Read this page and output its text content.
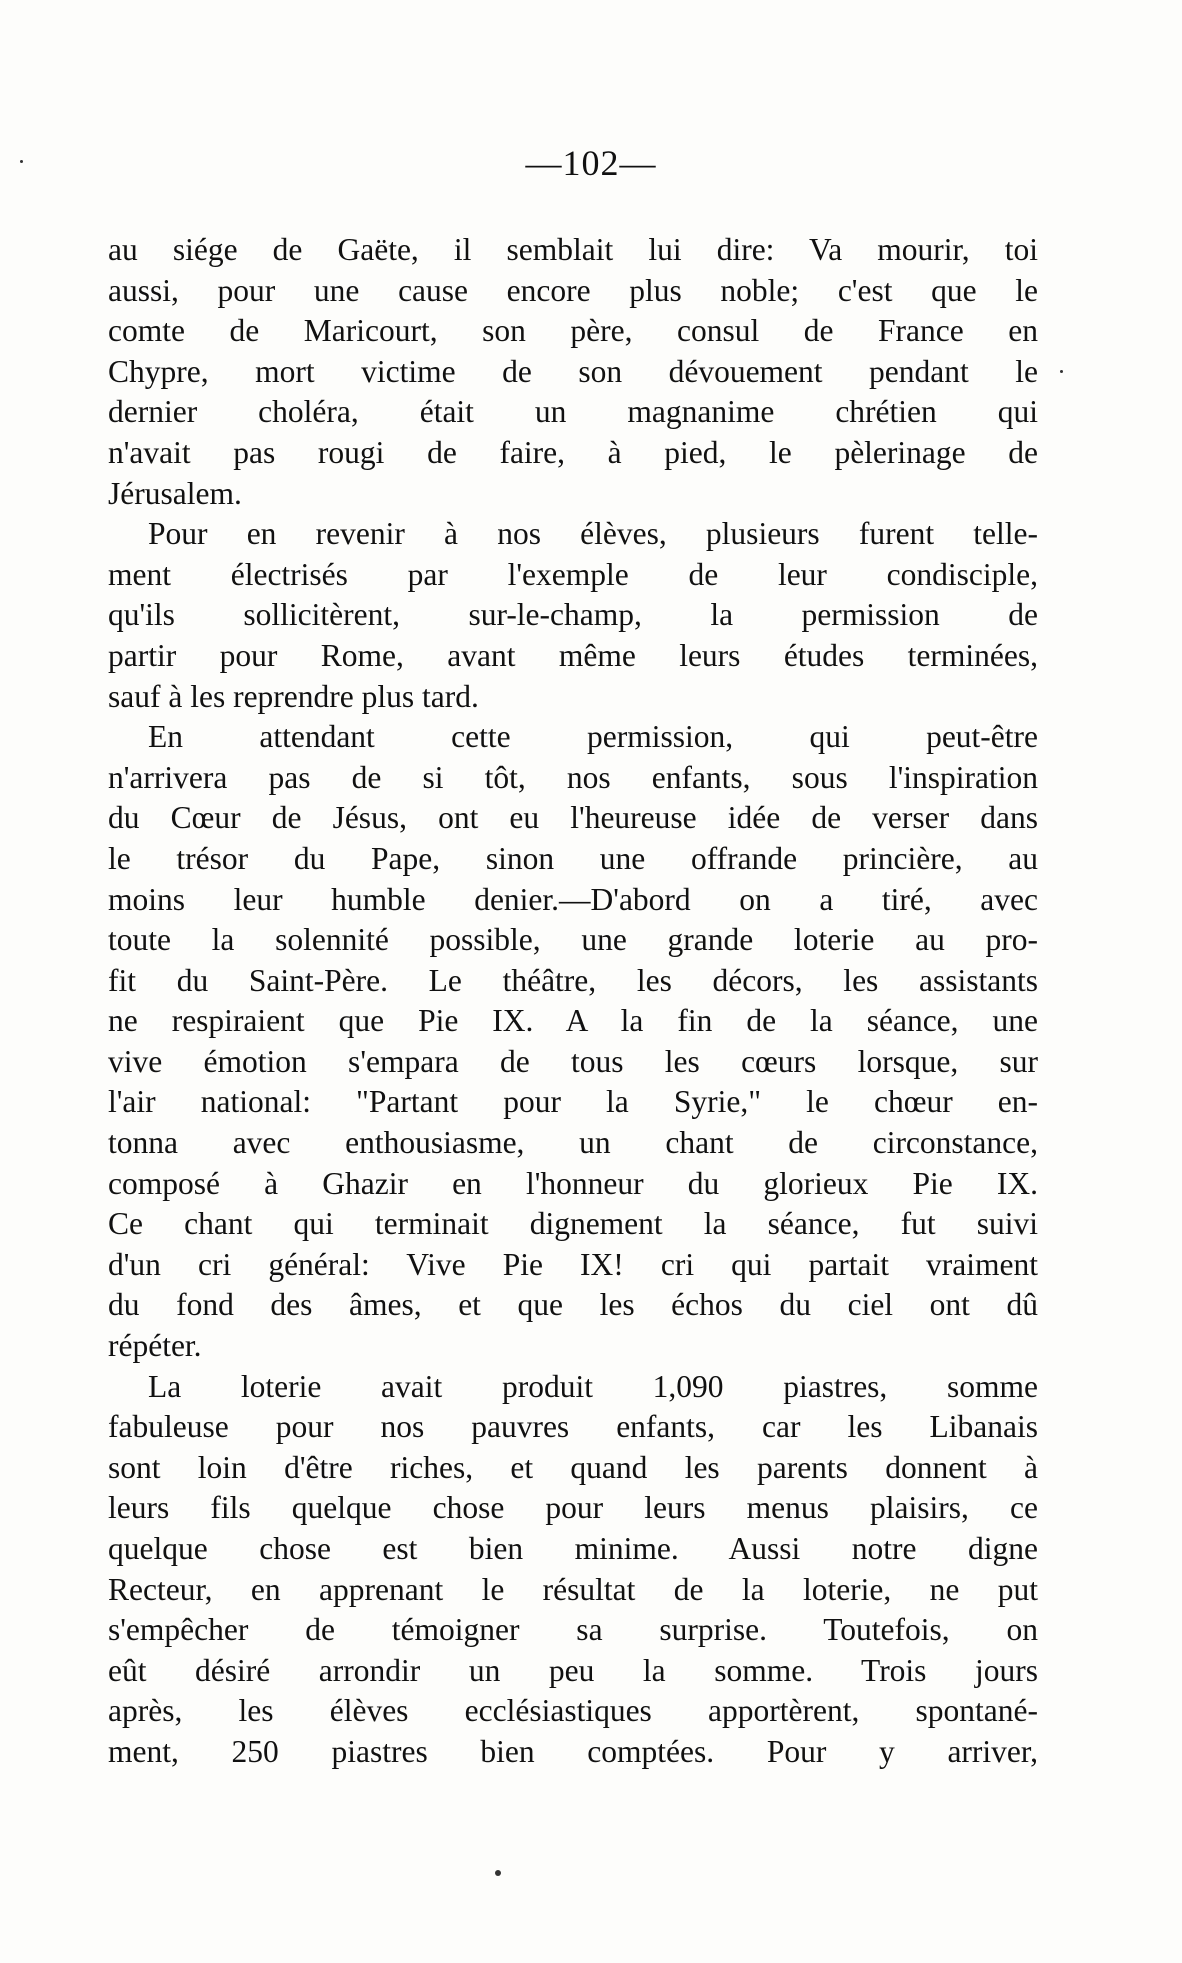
—102—
au siége de Gaëte, il semblait lui dire: Va mourir, toi
aussi, pour une cause encore plus noble; c'est que le
comte de Maricourt, son père, consul de France en
Chypre, mort victime de son dévouement pendant le
dernier choléra, était un magnanime chrétien qui
n'avait pas rougi de faire, à pied, le pèlerinage de
Jérusalem.
Pour en revenir à nos élèves, plusieurs furent telle-
ment électrisés par l'exemple de leur condisciple,
qu'ils sollicitèrent, sur-le-champ, la permission de
partir pour Rome, avant même leurs études terminées,
sauf à les reprendre plus tard.
En attendant cette permission, qui peut-être
n'arrivera pas de si tôt, nos enfants, sous l'inspiration
du Cœur de Jésus, ont eu l'heureuse idée de verser dans
le trésor du Pape, sinon une offrande princière, au
moins leur humble denier.—D'abord on a tiré, avec
toute la solennité possible, une grande loterie au pro-
fit du Saint-Père. Le théâtre, les décors, les assistants
ne respiraient que Pie IX. A la fin de la séance, une
vive émotion s'empara de tous les cœurs lorsque, sur
l'air national: "Partant pour la Syrie," le chœur en-
tonna avec enthousiasme, un chant de circonstance,
composé à Ghazir en l'honneur du glorieux Pie IX.
Ce chant qui terminait dignement la séance, fut suivi
d'un cri général: Vive Pie IX! cri qui partait vraiment
du fond des âmes, et que les échos du ciel ont dû
répéter.
La loterie avait produit 1,090 piastres, somme
fabuleuse pour nos pauvres enfants, car les Libanais
sont loin d'être riches, et quand les parents donnent à
leurs fils quelque chose pour leurs menus plaisirs, ce
quelque chose est bien minime. Aussi notre digne
Recteur, en apprenant le résultat de la loterie, ne put
s'empêcher de témoigner sa surprise. Toutefois, on
eût désiré arrondir un peu la somme. Trois jours
après, les élèves ecclésiastiques apportèrent, spontané-
ment, 250 piastres bien comptées. Pour y arriver,
